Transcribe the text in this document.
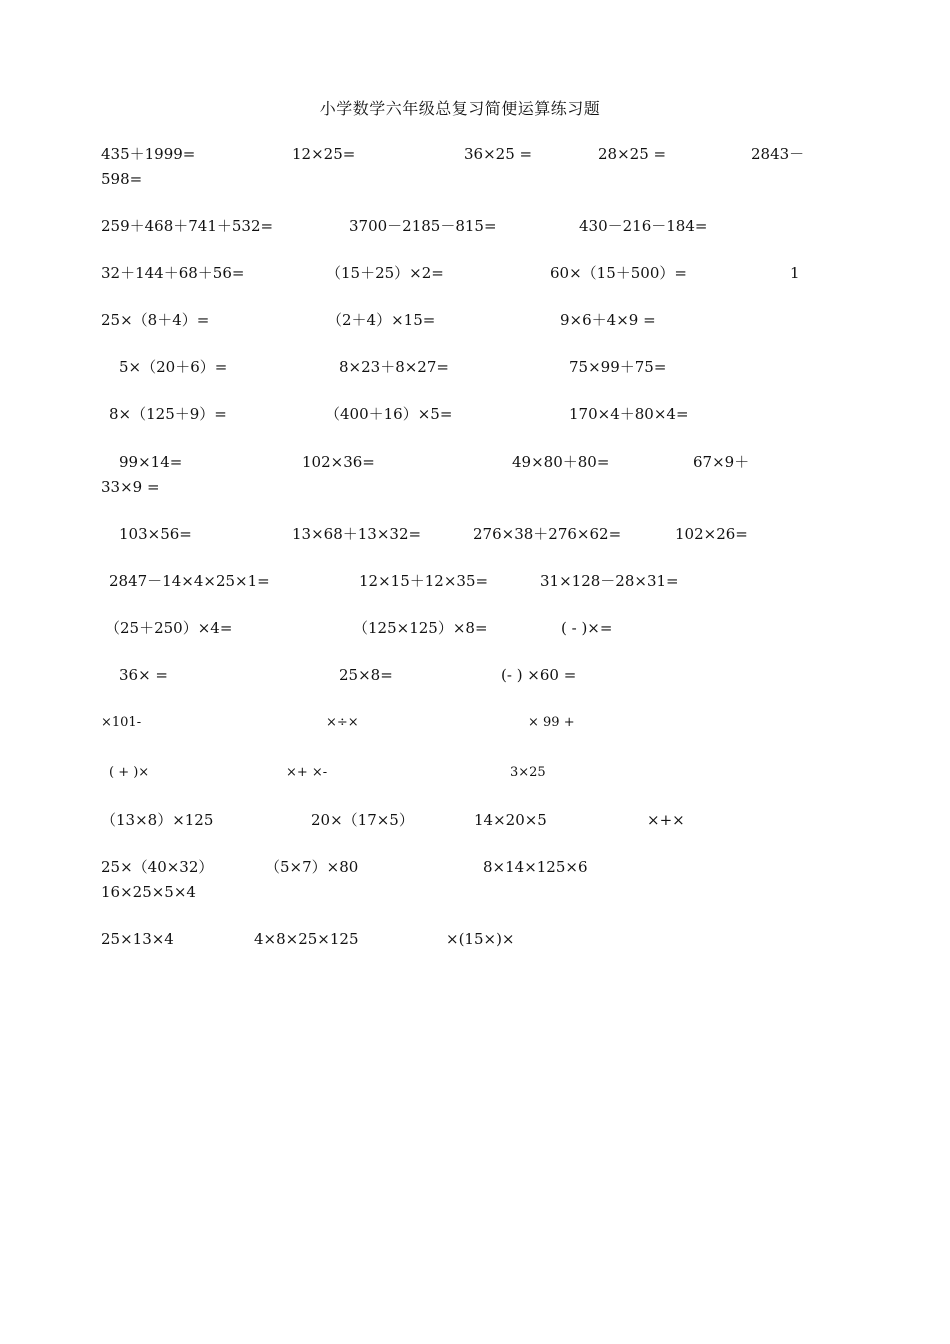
小学数学六年级总复习简便运算练习题
435＋1999=	12×25=	36×25 =	28×25 =	2843－
598=
259＋468＋741＋532=	3700－2185－815=	430－216－184=
32＋144＋68＋56=	（15＋25）×2=	60×（15＋500）=	1
25×（8＋4）=	（2＋4）×15=	9×6＋4×9 =
5×（20＋6）=	8×23＋8×27=	75×99＋75=
8×（125＋9）=	（400＋16）×5=	170×4＋80×4=
99×14=	102×36=	49×80＋80=	67×9＋
33×9 =
103×56=	13×68＋13×32=	276×38＋276×62=	102×26=
2847－14×4×25×1=	12×15＋12×35=	31×128－28×31=
（25＋250）×4=	（125×125）×8=	( - )×=
36× =	25×8=	(- ) ×60 =
×101-	×÷×	× 99 +
( + )×	×+ ×-	3×25
（13×8）×125	20×（17×5）	14×20×5	×+×
25×（40×32）	（5×7）×80	8×14×125×6
16×25×5×4
25×13×4	4×8×25×125	×(15×)×
